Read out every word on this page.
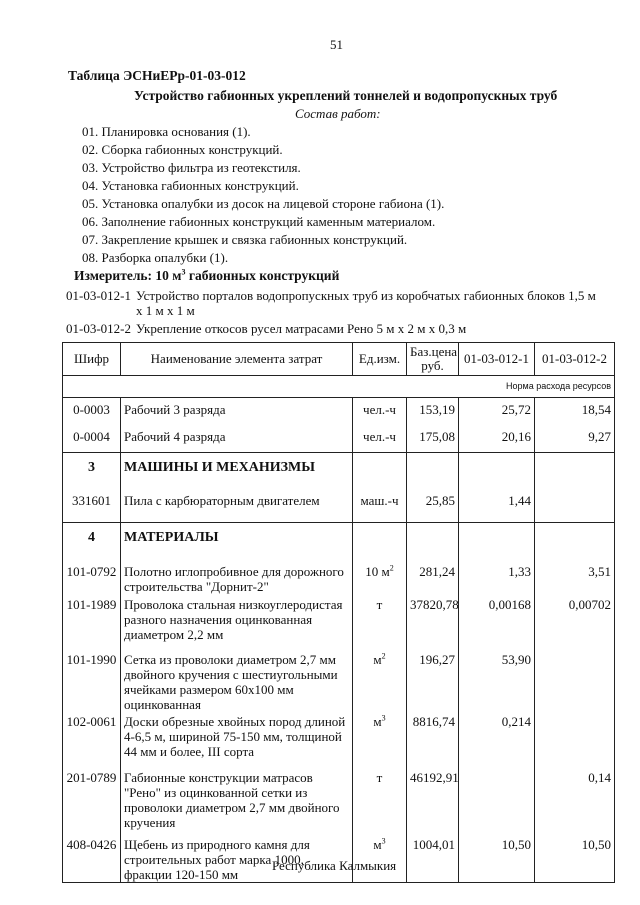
51
Таблица ЭСНиЕРр-01-03-012
Устройство габионных укреплений тоннелей и водопропускных труб
Состав работ:
01. Планировка основания (1).
02. Сборка габионных конструкций.
03. Устройство фильтра из геотекстиля.
04. Установка габионных конструкций.
05. Установка опалубки из досок на лицевой стороне габиона (1).
06. Заполнение габионных конструкций каменным материалом.
07. Закрепление крышек и связка габионных конструкций.
08. Разборка опалубки (1).
Измеритель: 10 $м^3$ габионных конструкций
01-03-012-1 Устройство порталов водопропускных труб из коробчатых габионных блоков 1,5 м
х 1 м х 1 м
01-03-012-2 Укрепление откосов русел матрасами Рено 5 м х 2 м х 0,3 м
Шифр	Наименование элемента затрат	Ед.изм.	Баз.цена руб.	01-03-012-1	01-03-012-2
Норма расхода ресурсов					
0-0003	Рабочий 3 разряда	чел.-ч	153,19	25,72	18,54
0-0004	Рабочий 4 разряда	чел.-ч	175,08	20,16	9,27
3	МАШИНЫ И МЕХАНИЗМЫ				
331601	Пила с карбюраторным двигателем	маш.-ч	25,85	1,44	
4	МАТЕРИАЛЫ				
101-0792	Полотно иглопробивное для дорожного строительства "Дорнит-2"	10 $м^2$	281,24	1,33	3,51
101-1989	Проволока стальная низкоуглеродистая разного назначения оцинкованная диаметром 2,2 мм	т	37820,78	0,00168	0,00702
101-1990	Сетка из проволоки диаметром 2,7 мм двойного кручения с шестиугольными ячейками размером 60х100 мм оцинкованная	$м^2$	196,27	53,90	
102-0061	Доски обрезные хвойных пород длиной 4-6,5 м, шириной 75-150 мм, толщиной 44 мм и более, III сорта	$м^3$	8816,74	0,214	
201-0789	Габионные конструкции матрасов "Рено" из оцинкованной сетки из проволоки диаметром 2,7 мм двойного кручения	т	46192,91		0,14
408-0426	Щебень из природного камня для строительных работ марка 1000, фракции 120-150 мм	$м^3$	1004,01	10,50	10,50
Республика Калмыкия
